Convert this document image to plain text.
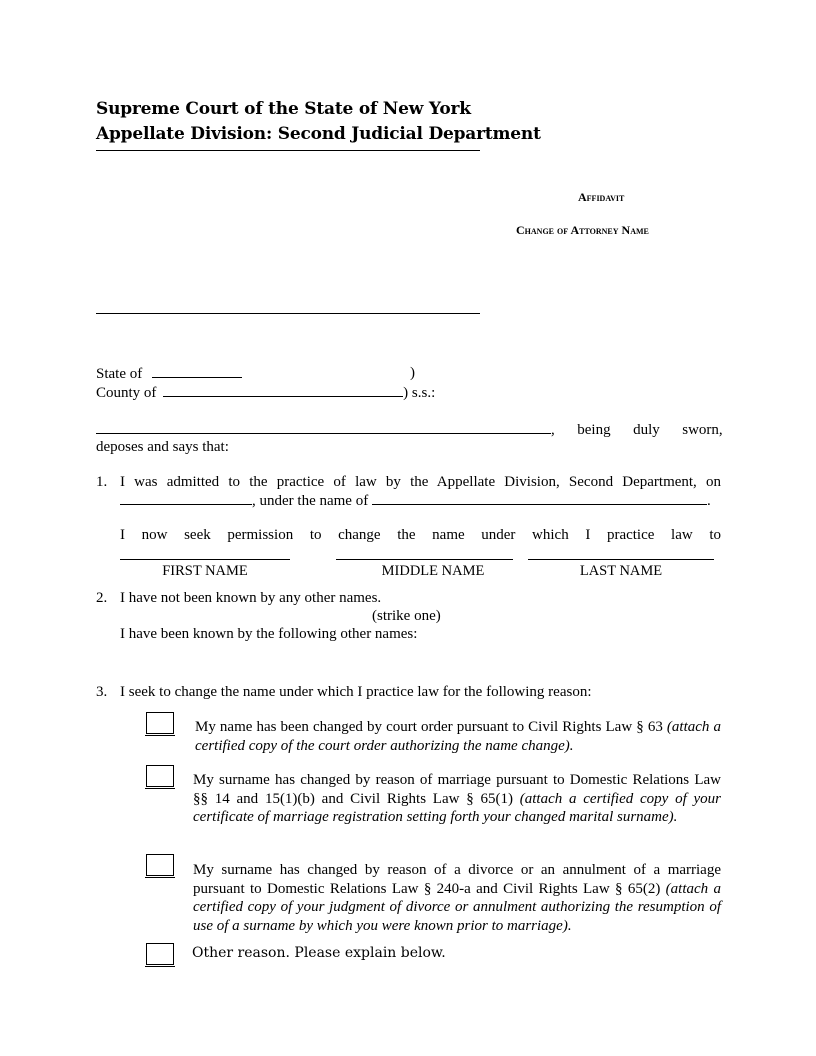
Supreme Court of the State of New York
Appellate Division: Second Judicial Department
Affidavit
Change of Attorney Name
State of	)
County of	) s.s.:
,      being      duly      sworn,
deposes and says that:
1. I was admitted to the practice of law by the Appellate Division, Second Department, on
, under the name of	.
I now seek permission to change the name under which I practice law to
FIRST NAME	MIDDLE NAME	LAST NAME
2. I have not been known by any other names.
(strike one)
I have been known by the following other names:
3. I seek to change the name under which I practice law for the following reason:
My name has been changed by court order pursuant to Civil Rights Law § 63 (attach a certified copy of the court order authorizing the name change).
My surname has changed by reason of marriage pursuant to Domestic Relations Law §§ 14 and 15(1)(b) and Civil Rights Law § 65(1) (attach a certified copy of your certificate of marriage registration setting forth your changed marital surname).
My surname has changed by reason of a divorce or an annulment of a marriage pursuant to Domestic Relations Law § 240-a and Civil Rights Law § 65(2) (attach a certified copy of your judgment of divorce or annulment authorizing the resumption of use of a surname by which you were known prior to marriage).
Other reason. Please explain below.
